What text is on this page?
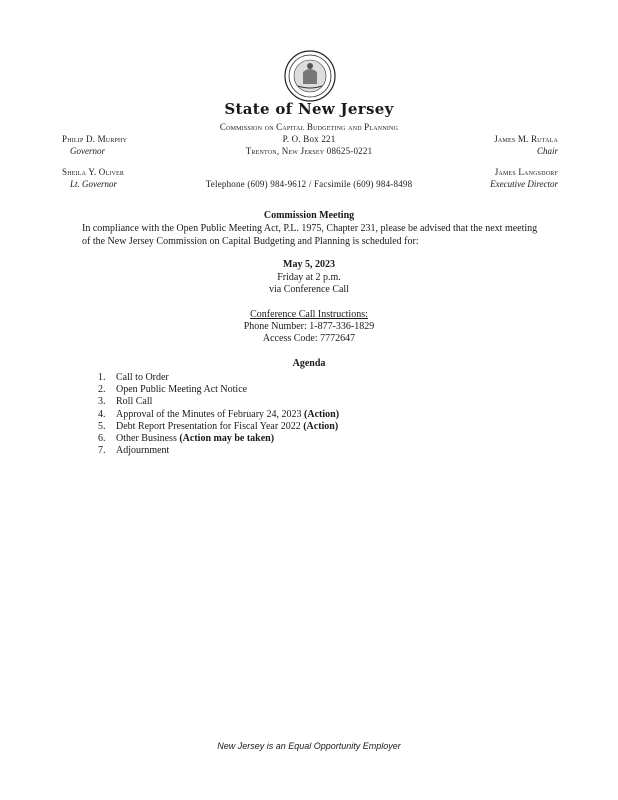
State of New Jersey
Commission on Capital Budgeting and Planning
P. O. Box 221
Trenton, New Jersey 08625-0221
Telephone (609) 984-9612 / Facsimile (609) 984-8498
Philip D. Murphy
Governor
Sheila Y. Oliver
Lt. Governor
James M. Rutala
Chair
James Langsdorf
Executive Director
Commission Meeting
In compliance with the Open Public Meeting Act, P.L. 1975, Chapter 231, please be advised that the next meeting of the New Jersey Commission on Capital Budgeting and Planning is scheduled for:
May 5, 2023
Friday at 2 p.m.
via Conference Call
Conference Call Instructions:
Phone Number: 1-877-336-1829
Access Code: 7772647
Agenda
1.	Call to Order
2.	Open Public Meeting Act Notice
3.	Roll Call
4.	Approval of the Minutes of February 24, 2023
(Action)
5.	Debt Report Presentation for Fiscal Year 2022
(Action)
6.	Other Business
(Action may be taken)
7.	Adjournment
New Jersey is an Equal Opportunity Employer
